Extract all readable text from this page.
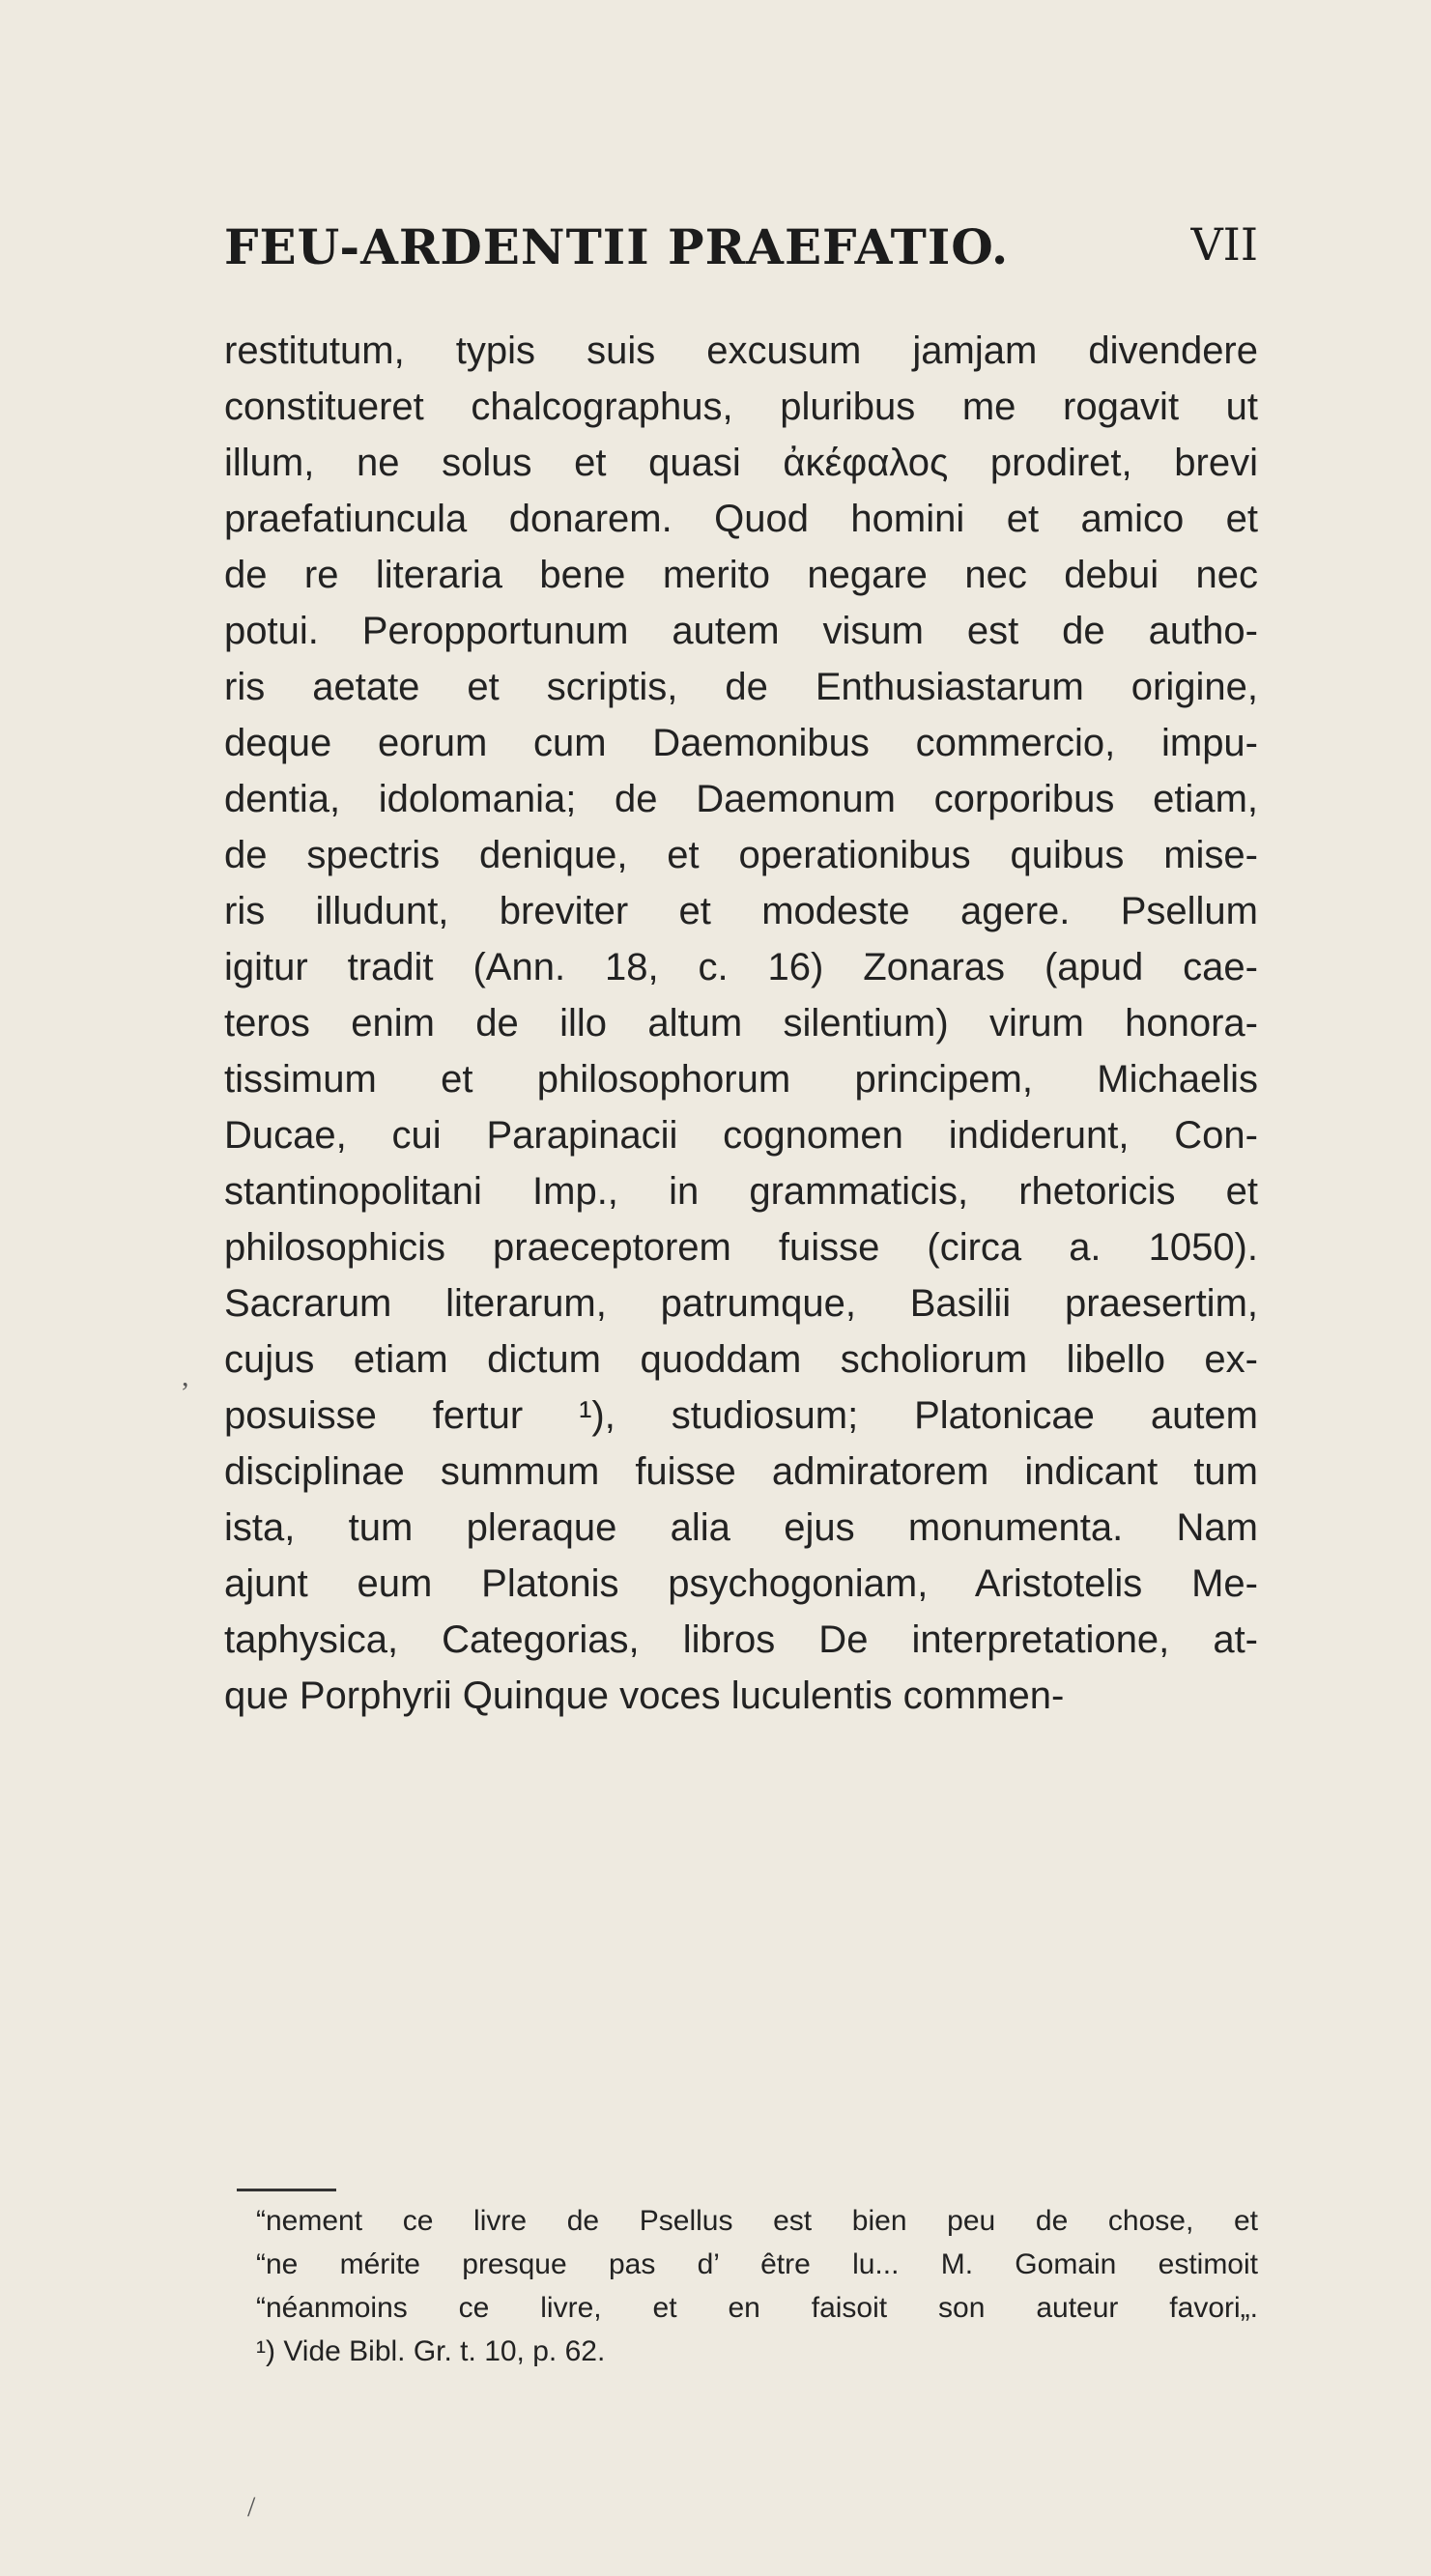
FEU-ARDENTII PRAEFATIO.	VII
restitutum, typis suis excusum jamjam divendere
constitueret chalcographus, pluribus me rogavit ut
illum, ne solus et quasi ἀκέφαλος prodiret, brevi
praefatiuncula donarem. Quod homini et amico et
de re literaria bene merito negare nec debui nec
potui. Peropportunum autem visum est de autho-
ris aetate et scriptis, de Enthusiastarum origine,
deque eorum cum Daemonibus commercio, impu-
dentia, idolomania; de Daemonum corporibus etiam,
de spectris denique, et operationibus quibus mise-
ris illudunt, breviter et modeste agere. Psellum
igitur tradit (Ann. 18, c. 16) Zonaras (apud cae-
teros enim de illo altum silentium) virum honora-
tissimum et philosophorum principem, Michaelis
Ducae, cui Parapinacii cognomen indiderunt, Con-
stantinopolitani Imp., in grammaticis, rhetoricis et
philosophicis praeceptorem fuisse (circa a. 1050).
Sacrarum literarum, patrumque, Basilii praesertim,
cujus etiam dictum quoddam scholiorum libello ex-
posuisse fertur ¹), studiosum; Platonicae autem
disciplinae summum fuisse admiratorem indicant tum
ista, tum pleraque alia ejus monumenta. Nam
ajunt eum Platonis psychogoniam, Aristotelis Me-
taphysica, Categorias, libros De interpretatione, at-
que Porphyrii Quinque voces luculentis commen-
“nement ce livre de Psellus est bien peu de chose, et
“ne mérite presque pas d’ être lu... M. Gomain estimoit
“néanmoins ce livre, et en faisoit son auteur favori„.
¹) Vide Bibl. Gr. t. 10, p. 62.
,
/
